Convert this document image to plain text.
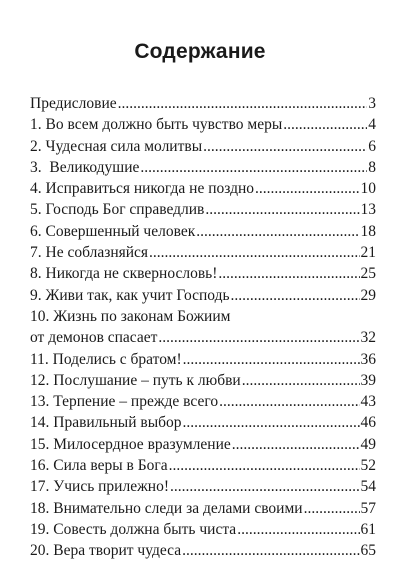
Содержание
Предисловие .....	3
1. Во всем должно быть чувство меры .....	4
2. Чудесная сила молитвы .....	6
3.  Великодушие .....	8
4. Исправиться никогда не поздно .....	10
5. Господь Бог справедлив .....	13
6. Совершенный человек .....	18
7. Не соблазняйся .....	21
8. Никогда не сквернословь! .....	25
9. Живи так, как учит Господь .....	29
10. Жизнь по законам Божиим
от демонов спасает .....	32
11. Поделись с братом! .....	36
12. Послушание – путь к любви .....	39
13. Терпение – прежде всего .....	43
14. Правильный выбор .....	46
15. Милосердное вразумление .....	49
16. Сила веры в Бога .....	52
17. Учись прилежно! .....	54
18. Внимательно следи за делами своими .....	57
19. Совесть должна быть чиста .....	61
20. Вера творит чудеса .....	65
